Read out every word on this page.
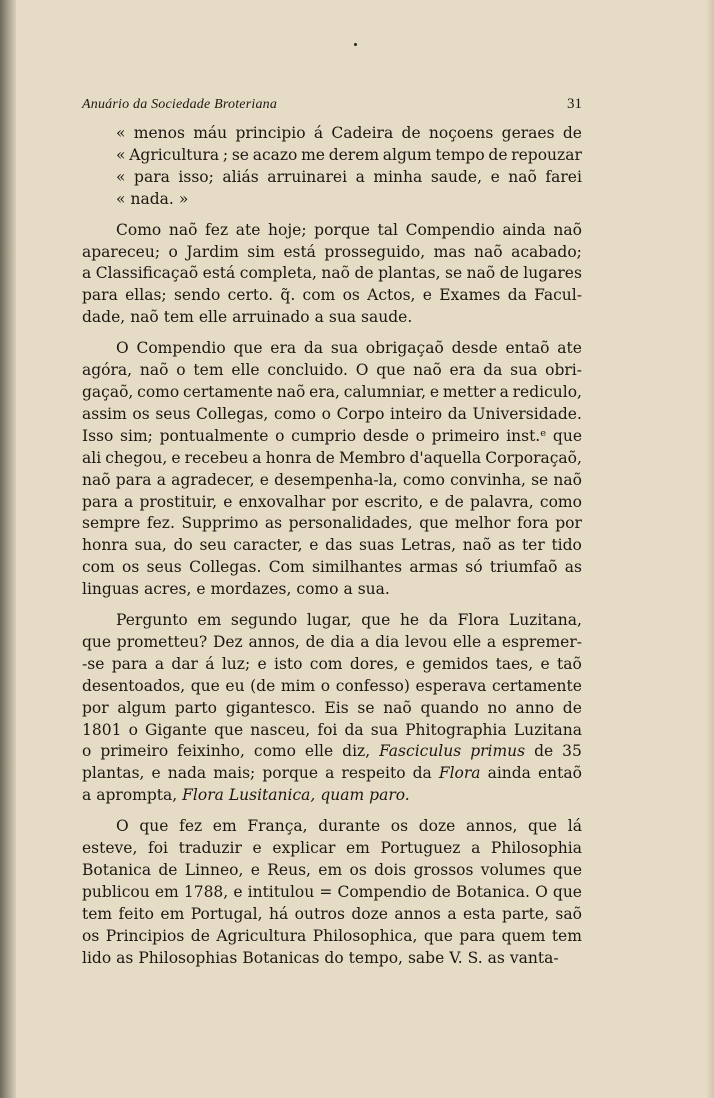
Anuário da Sociedade Broteriana	31
« menos máu principio á Cadeira de noçoens geraes de
« Agricultura ; se acazo me derem algum tempo de repouzar
« para isso; aliás arruinarei a minha saude, e naõ farei
« nada. »
Como naõ fez ate hoje; porque tal Compendio ainda naõ
apareceu; o Jardim sim está prosseguido, mas naõ acabado;
a Classificaçaõ está completa, naõ de plantas, se naõ de lugares
para ellas; sendo certo. q̃. com os Actos, e Exames da Facul-
dade, naõ tem elle arruinado a sua saude.
O Compendio que era da sua obrigaçaõ desde entaõ ate
agóra, naõ o tem elle concluido. O que naõ era da sua obri-
gaçaõ, como certamente naõ era, calumniar, e metter a rediculo,
assim os seus Collegas, como o Corpo inteiro da Universidade.
Isso sim; pontualmente o cumprio desde o primeiro inst.ᵉ que
ali chegou, e recebeu a honra de Membro d'aquella Corporaçaõ,
naõ para a agradecer, e desempenha-la, como convinha, se naõ
para a prostituir, e enxovalhar por escrito, e de palavra, como
sempre fez. Supprimo as personalidades, que melhor fora por
honra sua, do seu caracter, e das suas Letras, naõ as ter tido
com os seus Collegas. Com similhantes armas só triumfaõ as
linguas acres, e mordazes, como a sua.
Pergunto em segundo lugar, que he da Flora Luzitana,
que prometteu? Dez annos, de dia a dia levou elle a espremer-
-se para a dar á luz; e isto com dores, e gemidos taes, e taõ
desentoados, que eu (de mim o confesso) esperava certamente
por algum parto gigantesco. Eis se naõ quando no anno de
1801 o Gigante que nasceu, foi da sua Phitographia Luzitana
o primeiro feixinho, como elle diz, Fasciculus primus de 35
plantas, e nada mais; porque a respeito da Flora ainda entaõ
a aprompta, Flora Lusitanica, quam paro.
O que fez em França, durante os doze annos, que lá
esteve, foi traduzir e explicar em Portuguez a Philosophia
Botanica de Linneo, e Reus, em os dois grossos volumes que
publicou em 1788, e intitulou = Compendio de Botanica. O que
tem feito em Portugal, há outros doze annos a esta parte, saõ
os Principios de Agricultura Philosophica, que para quem tem
lido as Philosophias Botanicas do tempo, sabe V. S. as vanta-
